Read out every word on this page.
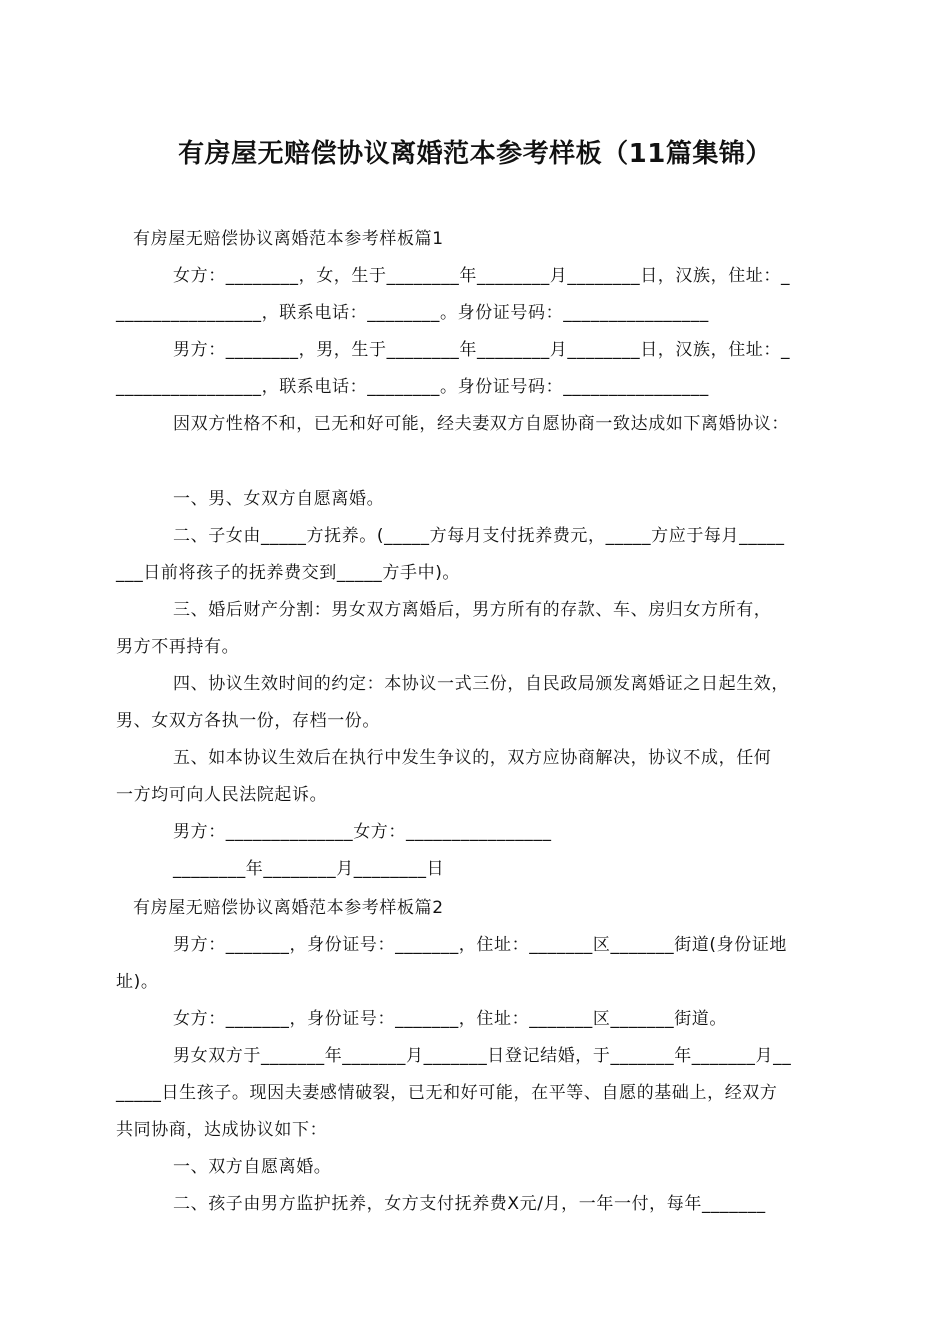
有房屋无赔偿协议离婚范本参考样板（11篇集锦）
有房屋无赔偿协议离婚范本参考样板篇1
女方：________，女，生于________年________月________日，汉族，住址：_
________________，联系电话：________。身份证号码：________________
男方：________，男，生于________年________月________日，汉族，住址：_
________________，联系电话：________。身份证号码：________________
因双方性格不和，已无和好可能，经夫妻双方自愿协商一致达成如下离婚协议：
一、男、女双方自愿离婚。
二、子女由_____方抚养。(_____方每月支付抚养费元，_____方应于每月_____
___日前将孩子的抚养费交到_____方手中)。
三、婚后财产分割：男女双方离婚后，男方所有的存款、车、房归女方所有，
男方不再持有。
四、协议生效时间的约定：本协议一式三份，自民政局颁发离婚证之日起生效，
男、女双方各执一份，存档一份。
五、如本协议生效后在执行中发生争议的，双方应协商解决，协议不成，任何
一方均可向人民法院起诉。
男方：______________女方：________________
________年________月________日
有房屋无赔偿协议离婚范本参考样板篇2
男方：_______，身份证号：_______，住址：_______区_______街道(身份证地
址)。
女方：_______，身份证号：_______，住址：_______区_______街道。
男女双方于_______年_______月_______日登记结婚，于_______年_______月__
_____日生孩子。现因夫妻感情破裂，已无和好可能，在平等、自愿的基础上，经双方
共同协商，达成协议如下：
一、双方自愿离婚。
二、孩子由男方监护抚养，女方支付抚养费X元/月，一年一付，每年_______
